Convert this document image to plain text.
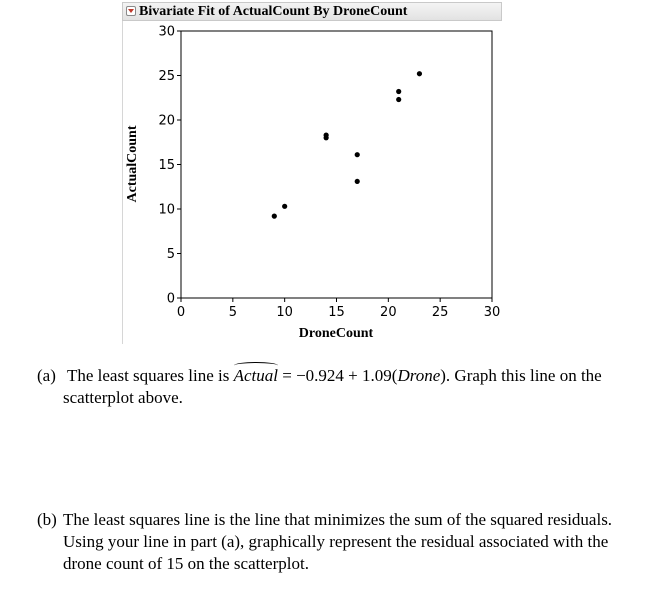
Bivariate Fit of ActualCount By DroneCount
0
5
10
15
20
25
30
0	5	10	15	20	25	30
DroneCount
ActualCount
(a) The least squares line is Actual = −0.924 + 1.09(Drone). Graph this line on the
scatterplot above.
(b) The least squares line is the line that minimizes the sum of the squared residuals.
Using your line in part (a), graphically represent the residual associated with the
drone count of 15 on the scatterplot.
